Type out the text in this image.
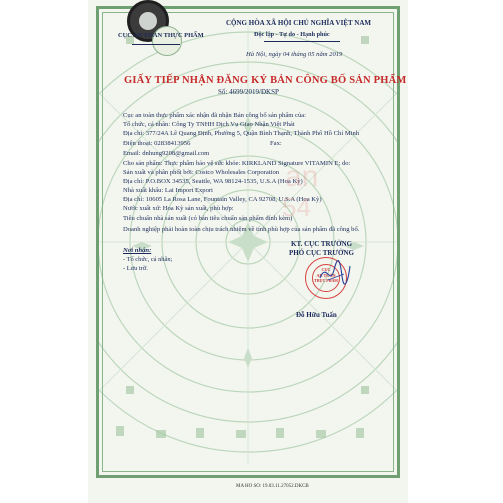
CỤC AN TOÀN THỰC PHẨM
CỘNG HÒA XÃ HỘI CHỦ NGHĨA VIỆT NAM
Độc lập - Tự do - Hạnh phúc
Hà Nội, ngày 04 tháng 05 năm 2019
GIẤY TIẾP NHẬN ĐĂNG KÝ BẢN CÔNG BỐ SẢN PHẨM
Số: 4699/2019/ĐKSP
Cục an toàn thực phẩm xác nhận đã nhận Bản công bố sản phẩm của:
Tổ chức, cá nhân: Công Ty TNHH Dịch Vụ Giao Nhận Việt Phát
Địa chỉ: 377/24A Lê Quang Định, Phường 5, Quận Bình Thạnh, Thành Phố Hồ Chí Minh
Điện thoại: 02838413956	Fax:
Email: dnhung9208@gmail.com
Cho sản phẩm: Thực phẩm bảo vệ sức khỏe: KIRKLAND Signature VITAMIN E; do:
Sản xuất và phân phối bởi: Costco Wholesales Corporation
Địa chỉ: P.O.BOX 34535, Seattle, WA 98124-1535, U.S.A (Hoa Kỳ)
Nhà xuất khẩu: Lai Import Export
Địa chỉ: 10605 La Rosa Lane, Fountain Valley, CA 92708, U.S.A (Hoa Kỳ)
Nước xuất xứ: Hoa Kỳ sản xuất, phù hợp:
Tiêu chuẩn nhà sản xuất (có bản tiêu chuẩn sản phẩm đính kèm)
Doanh nghiệp phải hoàn toàn chịu trách nhiệm về tính phù hợp của sản phẩm đã công bố.
an
54
Nơi nhận:
- Tổ chức, cá nhân;
- Lưu trữ.
KT. CỤC TRƯỞNG
PHÓ CỤC TRƯỞNG
CỤC
AN TOÀN
THỰC PHẨM
Đỗ Hữu Tuấn
MA HO SO: 19.03.11.27052.DKCB
